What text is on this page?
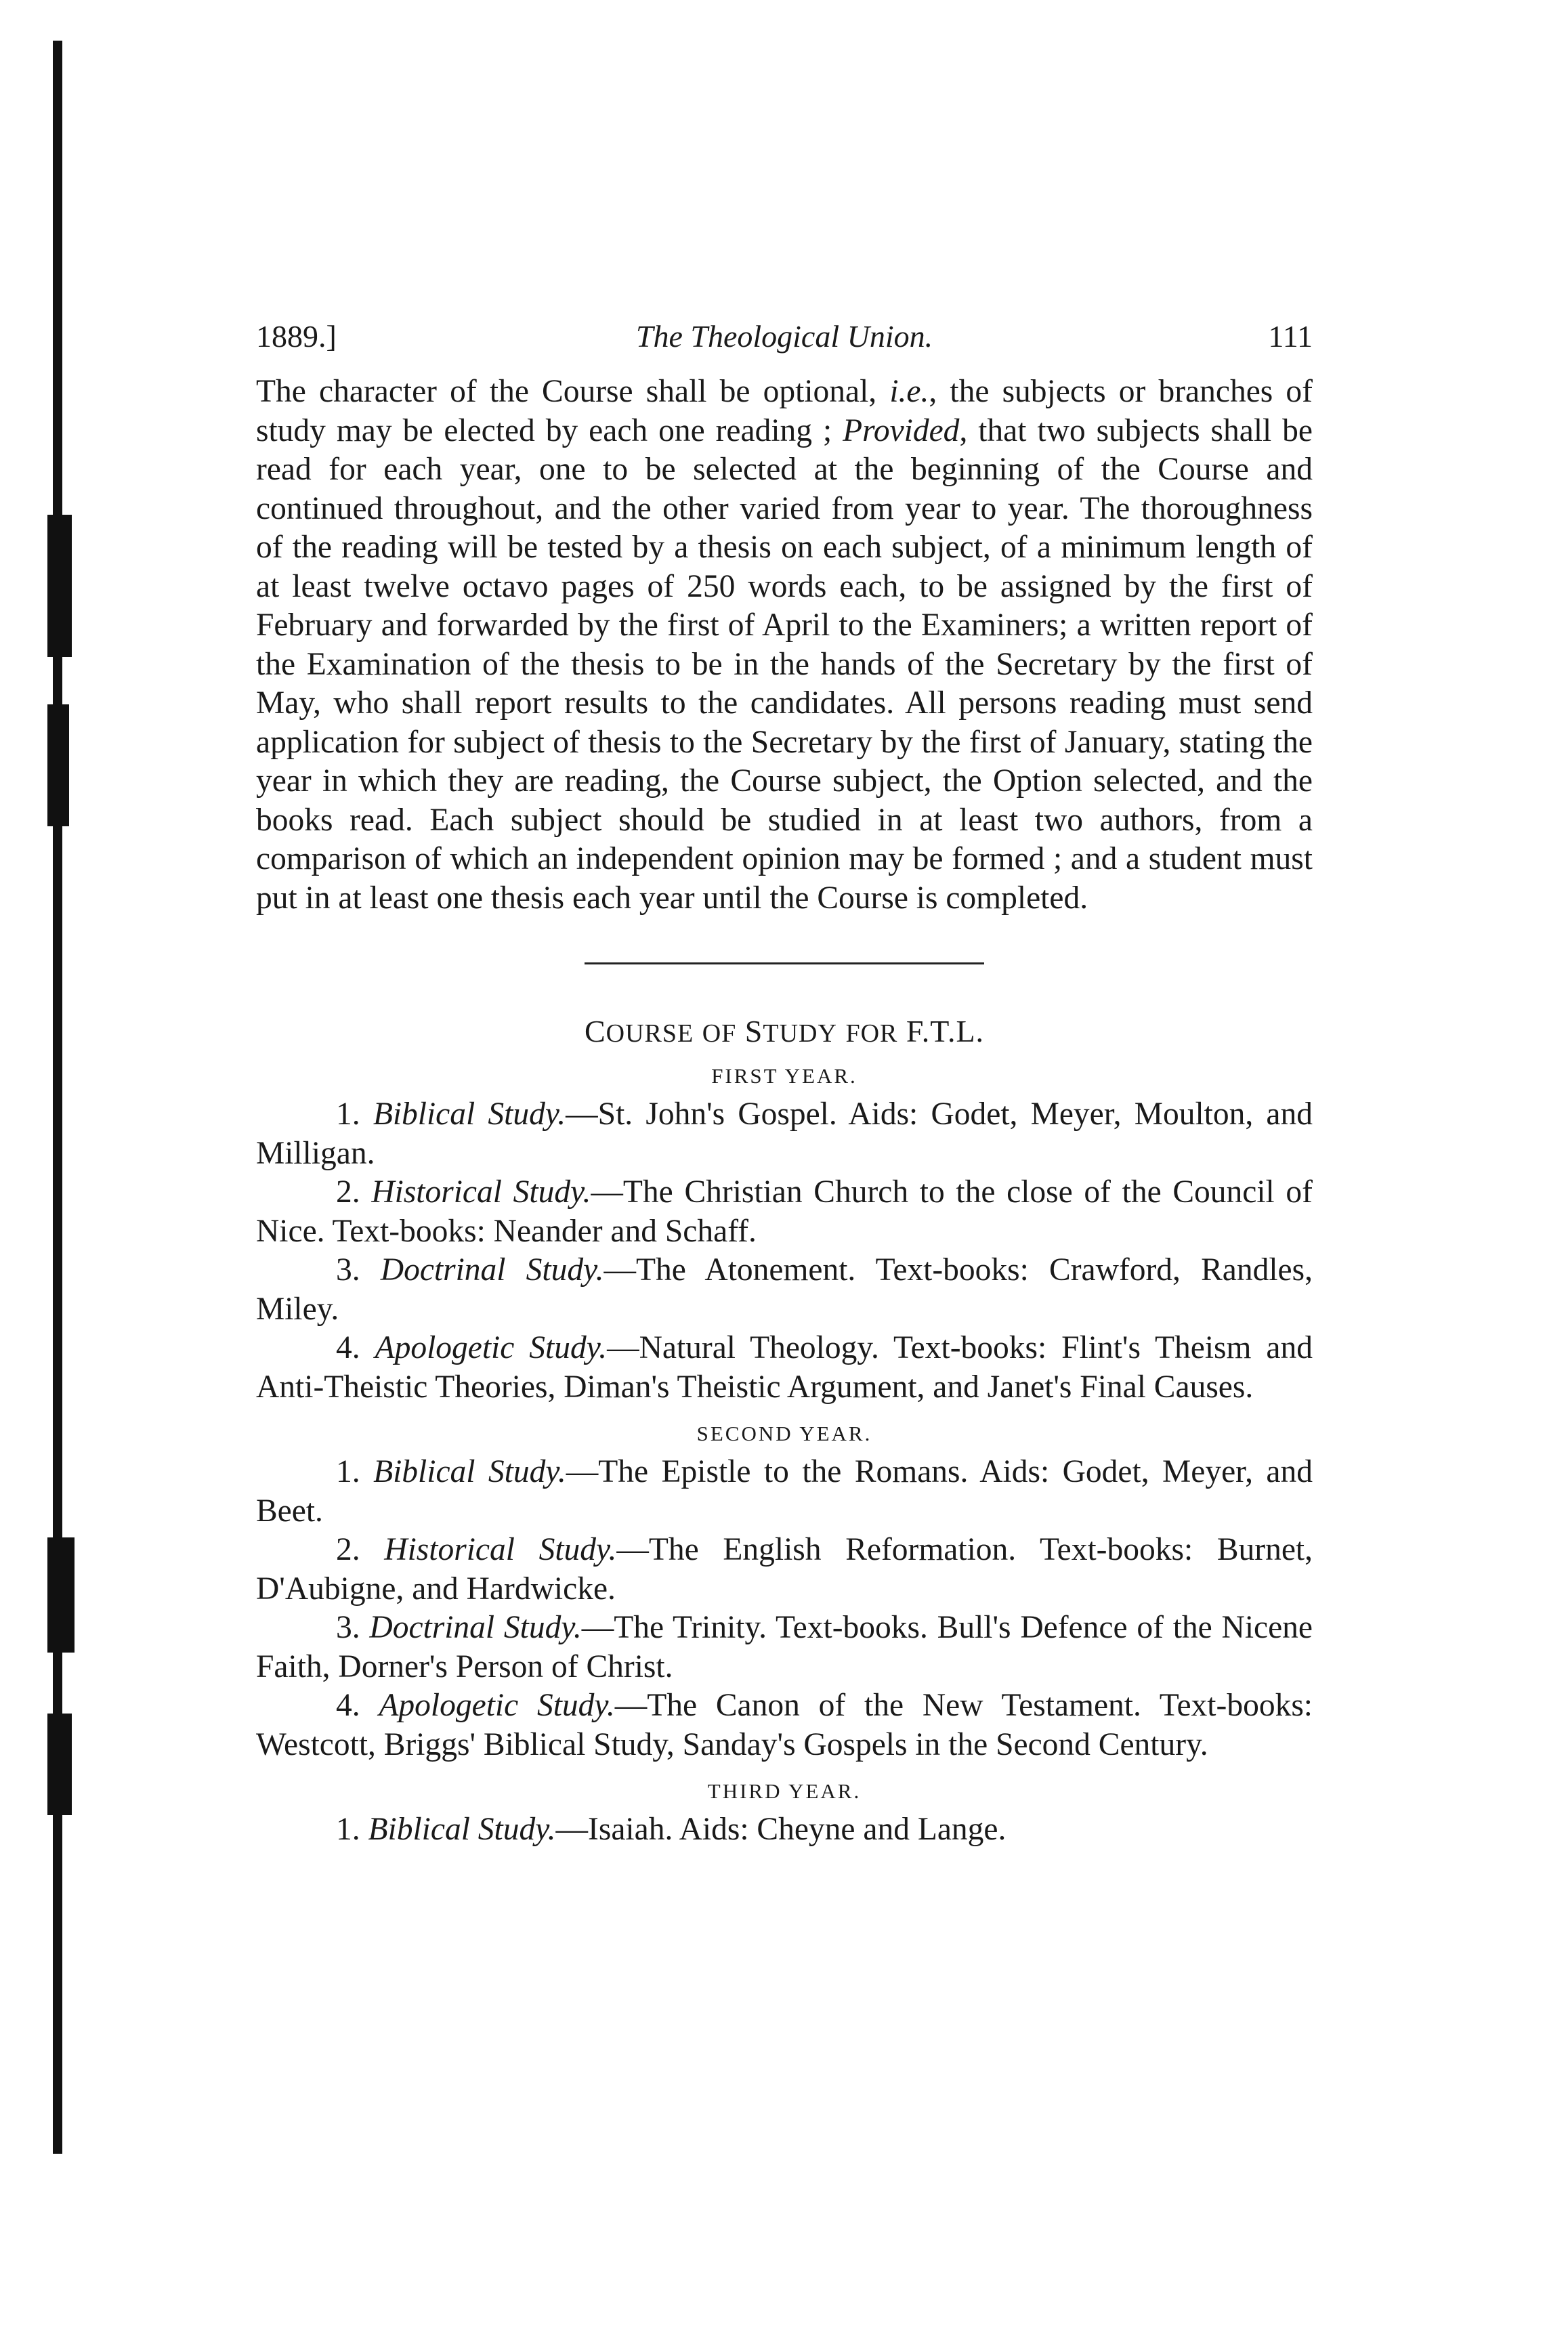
1889.]	The Theological Union.	111

The character of the Course shall be optional, i.e., the subjects or branches of study may be elected by each one reading ; Provided, that two subjects shall be read for each year, one to be selected at the beginning of the Course and continued throughout, and the other varied from year to year. The thoroughness of the reading will be tested by a thesis on each subject, of a minimum length of at least twelve octavo pages of 250 words each, to be assigned by the first of February and forwarded by the first of April to the Examiners; a written report of the Examination of the thesis to be in the hands of the Secretary by the first of May, who shall report results to the candidates. All persons reading must send application for subject of thesis to the Secretary by the first of January, stating the year in which they are reading, the Course subject, the Option selected, and the books read. Each subject should be studied in at least two authors, from a comparison of which an independent opinion may be formed ; and a student must put in at least one thesis each year until the Course is completed.

COURSE OF STUDY FOR F.T.L.
FIRST YEAR.

1. Biblical Study.—St. John's Gospel. Aids: Godet, Meyer, Moulton, and Milligan.

2. Historical Study.—The Christian Church to the close of the Council of Nice. Text-books: Neander and Schaff.

3. Doctrinal Study.—The Atonement. Text-books: Crawford, Randles, Miley.

4. Apologetic Study.—Natural Theology. Text-books: Flint's Theism and Anti-Theistic Theories, Diman's Theistic Argument, and Janet's Final Causes.

SECOND YEAR.

1. Biblical Study.—The Epistle to the Romans. Aids: Godet, Meyer, and Beet.

2. Historical Study.—The English Reformation. Text-books: Burnet, D'Aubigne, and Hardwicke.

3. Doctrinal Study.—The Trinity. Text-books. Bull's Defence of the Nicene Faith, Dorner's Person of Christ.

4. Apologetic Study.—The Canon of the New Testament. Text-books: Westcott, Briggs' Biblical Study, Sanday's Gospels in the Second Century.

THIRD YEAR.

1. Biblical Study.—Isaiah. Aids: Cheyne and Lange.
